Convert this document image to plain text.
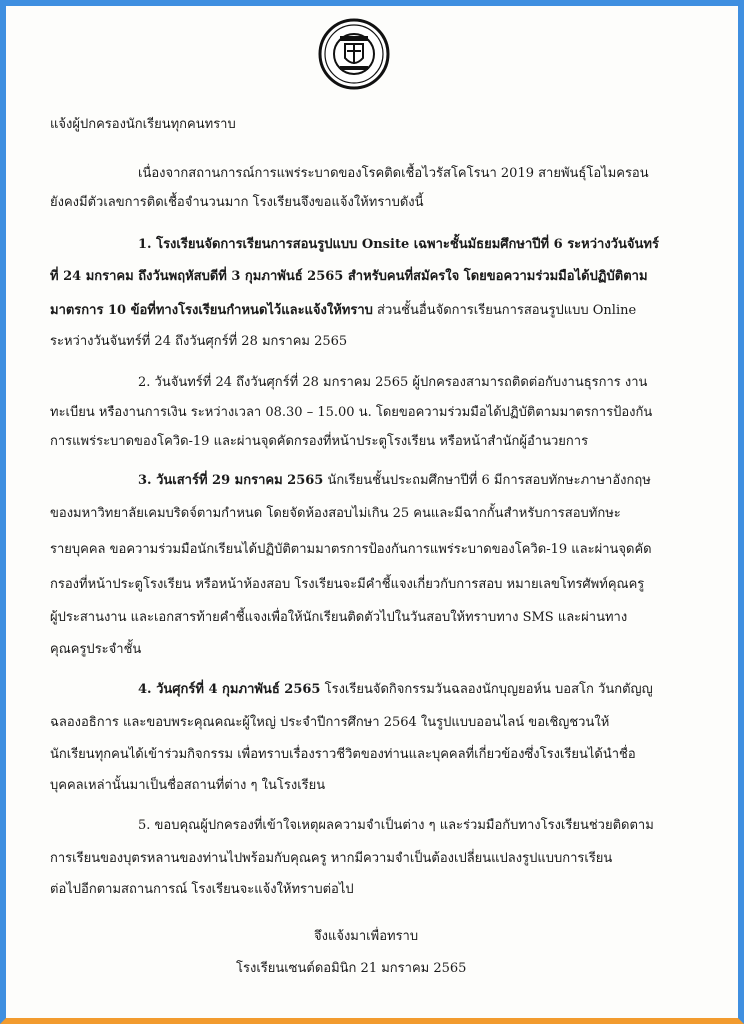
แจ้งผู้ปกครองนักเรียนทุกคนทราบ
เนื่องจากสถานการณ์การแพร่ระบาดของโรคติดเชื้อไวรัสโคโรนา 2019 สายพันธุ์โอไมครอน
ยังคงมีตัวเลขการติดเชื้อจำนวนมาก โรงเรียนจึงขอแจ้งให้ทราบดังนี้
1. โรงเรียนจัดการเรียนการสอนรูปแบบ Onsite เฉพาะชั้นมัธยมศึกษาปีที่ 6 ระหว่างวันจันทร์
ที่ 24 มกราคม ถึงวันพฤหัสบดีที่ 3 กุมภาพันธ์ 2565 สำหรับคนที่สมัครใจ โดยขอความร่วมมือได้ปฏิบัติตาม
มาตรการ 10 ข้อที่ทางโรงเรียนกำหนดไว้และแจ้งให้ทราบ ส่วนชั้นอื่นจัดการเรียนการสอนรูปแบบ Online
ระหว่างวันจันทร์ที่ 24 ถึงวันศุกร์ที่ 28 มกราคม 2565
2. วันจันทร์ที่ 24 ถึงวันศุกร์ที่ 28 มกราคม 2565 ผู้ปกครองสามารถติดต่อกับงานธุรการ งาน
ทะเบียน หรืองานการเงิน ระหว่างเวลา 08.30 – 15.00 น. โดยขอความร่วมมือได้ปฏิบัติตามมาตรการป้องกัน
การแพร่ระบาดของโควิด-19 และผ่านจุดคัดกรองที่หน้าประตูโรงเรียน หรือหน้าสำนักผู้อำนวยการ
3. วันเสาร์ที่ 29 มกราคม 2565 นักเรียนชั้นประถมศึกษาปีที่ 6 มีการสอบทักษะภาษาอังกฤษ
ของมหาวิทยาลัยเคมบริดจ์ตามกำหนด โดยจัดห้องสอบไม่เกิน 25 คนและมีฉากกั้นสำหรับการสอบทักษะ
รายบุคคล ขอความร่วมมือนักเรียนได้ปฏิบัติตามมาตรการป้องกันการแพร่ระบาดของโควิด-19 และผ่านจุดคัด
กรองที่หน้าประตูโรงเรียน หรือหน้าห้องสอบ โรงเรียนจะมีคำชี้แจงเกี่ยวกับการสอบ หมายเลขโทรศัพท์คุณครู
ผู้ประสานงาน และเอกสารท้ายคำชี้แจงเพื่อให้นักเรียนติดตัวไปในวันสอบให้ทราบทาง SMS และผ่านทาง
คุณครูประจำชั้น
4. วันศุกร์ที่ 4 กุมภาพันธ์ 2565 โรงเรียนจัดกิจกรรมวันฉลองนักบุญยอห์น บอสโก วันกตัญญู
ฉลองอธิการ และขอบพระคุณคณะผู้ใหญ่ ประจำปีการศึกษา 2564 ในรูปแบบออนไลน์ ขอเชิญชวนให้
นักเรียนทุกคนได้เข้าร่วมกิจกรรม เพื่อทราบเรื่องราวชีวิตของท่านและบุคคลที่เกี่ยวข้องซึ่งโรงเรียนได้นำชื่อ
บุคคลเหล่านั้นมาเป็นชื่อสถานที่ต่าง ๆ ในโรงเรียน
5. ขอบคุณผู้ปกครองที่เข้าใจเหตุผลความจำเป็นต่าง ๆ และร่วมมือกับทางโรงเรียนช่วยติดตาม
การเรียนของบุตรหลานของท่านไปพร้อมกับคุณครู หากมีความจำเป็นต้องเปลี่ยนแปลงรูปแบบการเรียน
ต่อไปอีกตามสถานการณ์ โรงเรียนจะแจ้งให้ทราบต่อไป
จึงแจ้งมาเพื่อทราบ
โรงเรียนเซนต์ดอมินิก 21 มกราคม 2565
